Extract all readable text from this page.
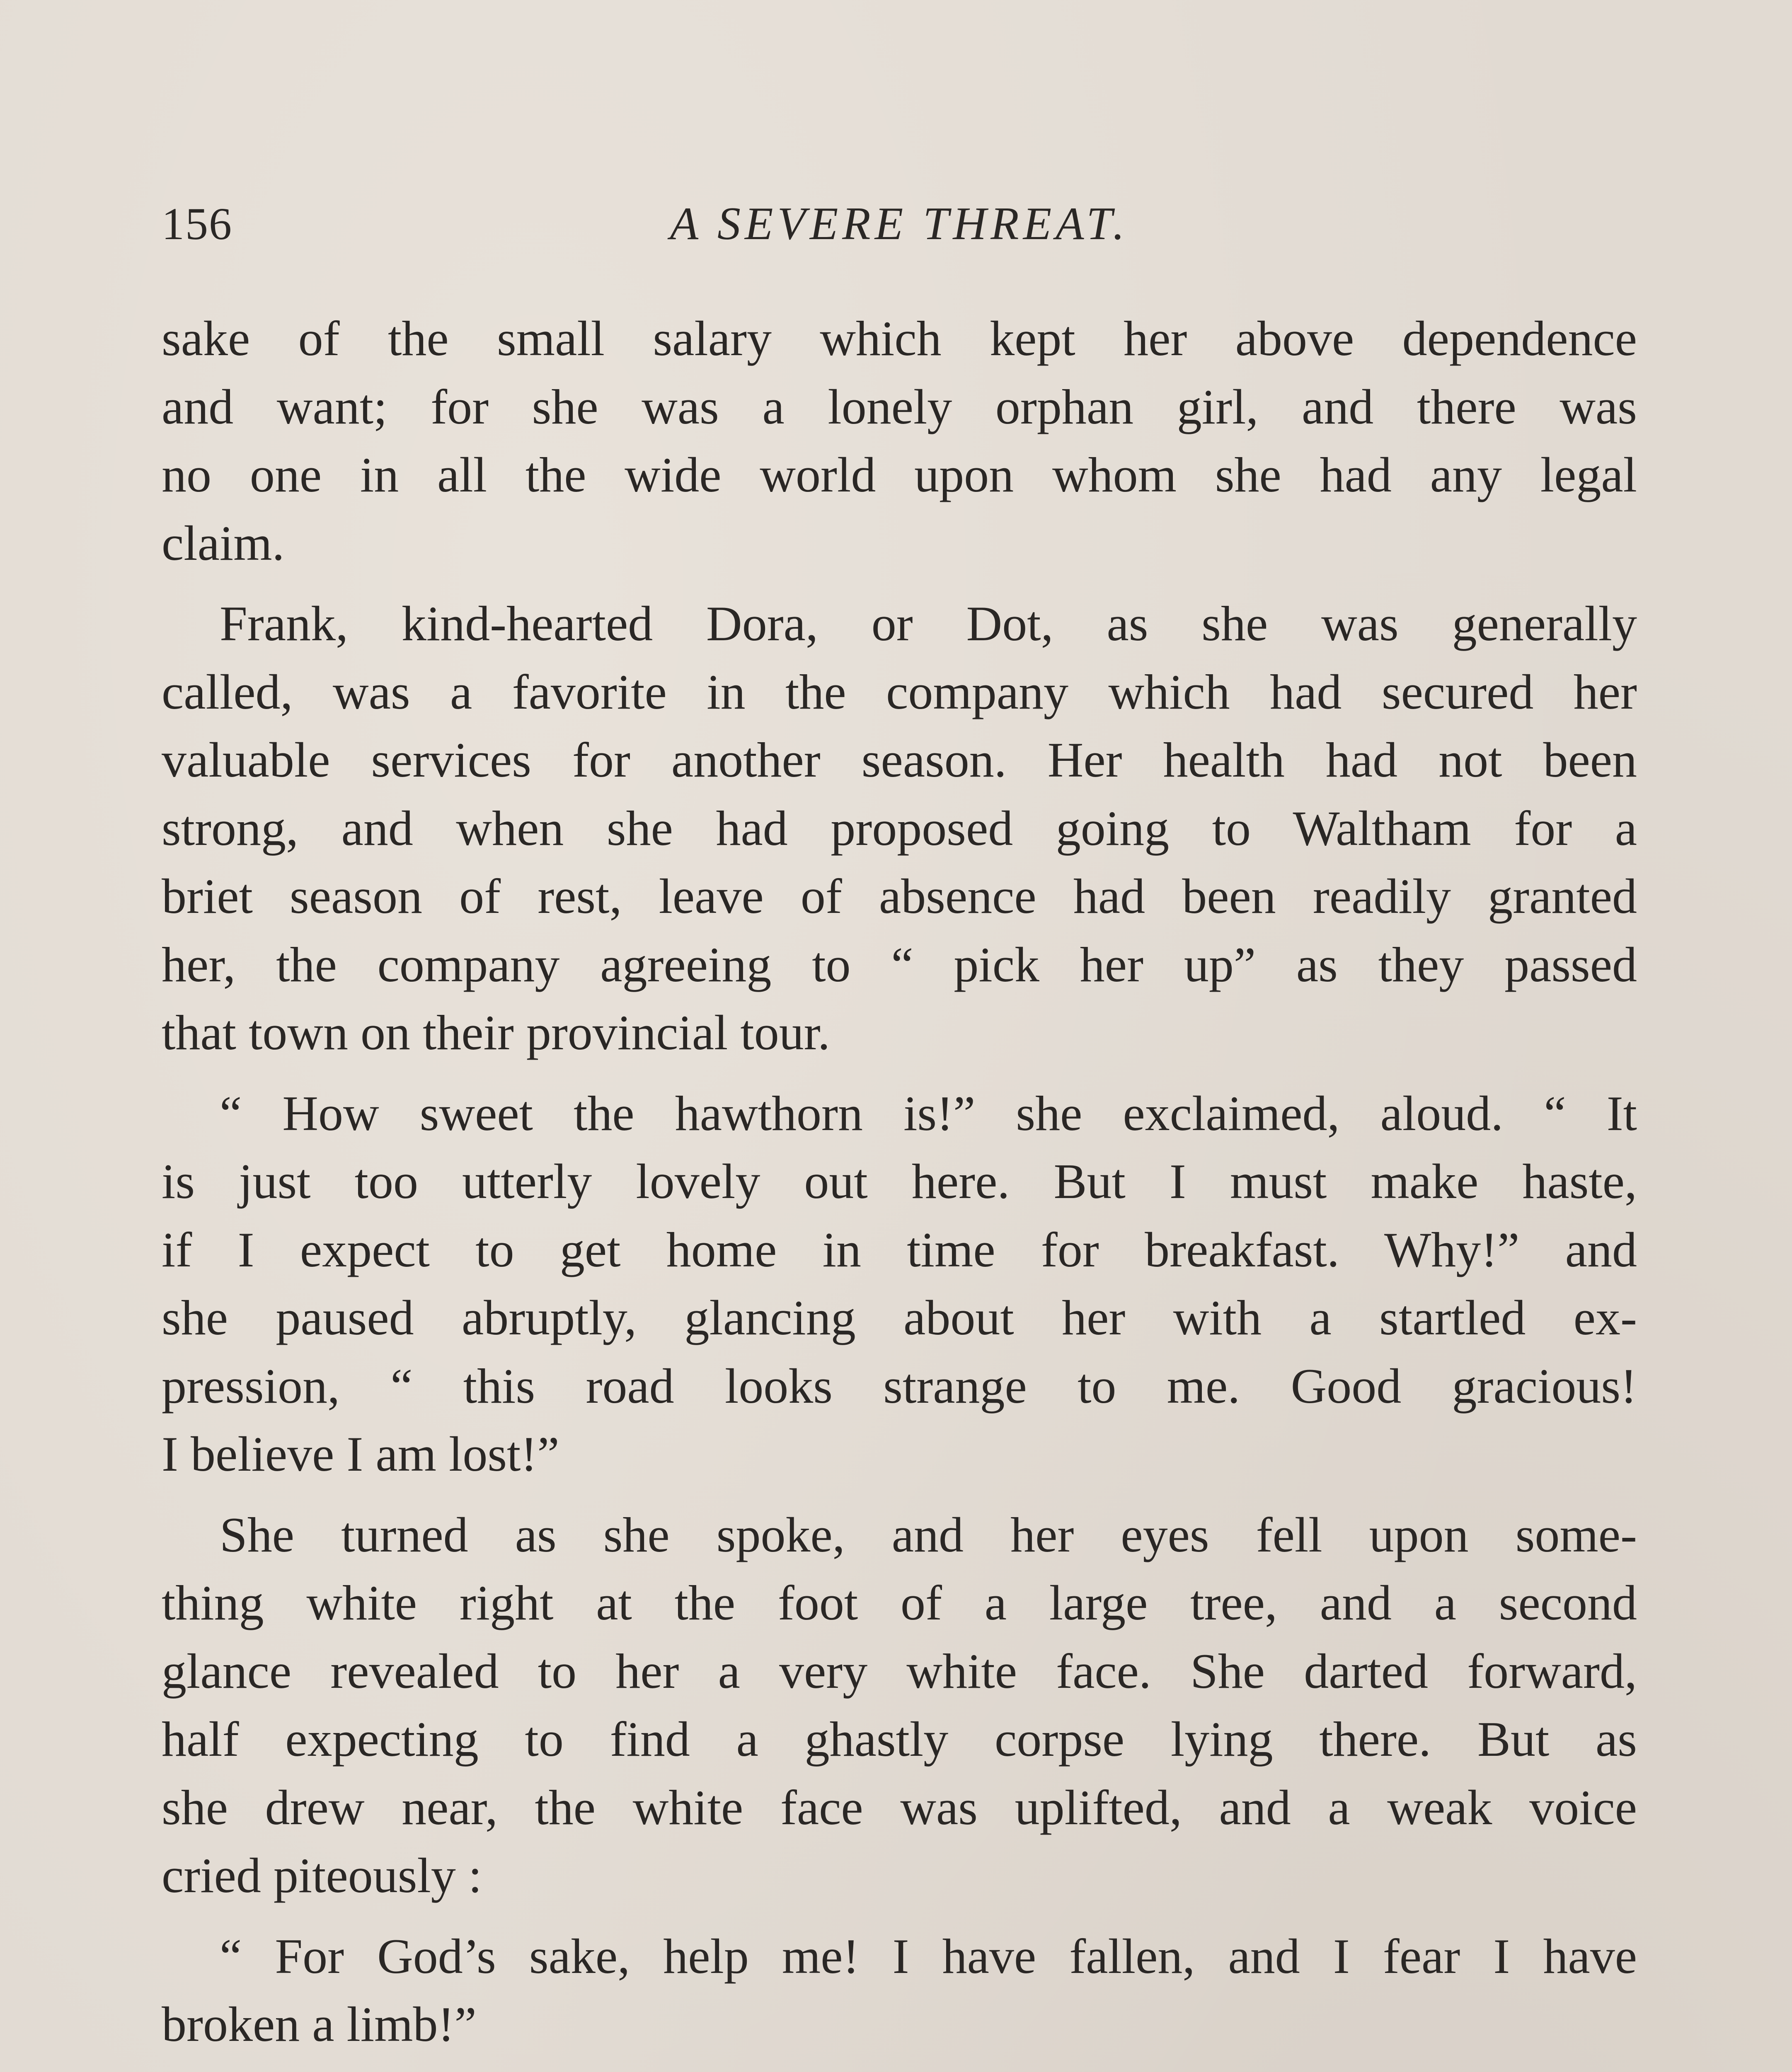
156	A SEVERE THREAT.

sake of the small salary which kept her above dependence
and want; for she was a lonely orphan girl, and there was
no one in all the wide world upon whom she had any legal
claim.

Frank, kind-hearted Dora, or Dot, as she was generally
called, was a favorite in the company which had secured her
valuable services for another season. Her health had not been
strong, and when she had proposed going to Waltham for a
briet season of rest, leave of absence had been readily granted
her, the company agreeing to “ pick her up” as they passed
that town on their provincial tour.

“ How sweet the hawthorn is!” she exclaimed, aloud. “ It
is just too utterly lovely out here. But I must make haste,
if I expect to get home in time for breakfast. Why!” and
she paused abruptly, glancing about her with a startled ex-
pression, “ this road looks strange to me. Good gracious!
I believe I am lost!”

She turned as she spoke, and her eyes fell upon some-
thing white right at the foot of a large tree, and a second
glance revealed to her a very white face. She darted forward,
half expecting to find a ghastly corpse lying there. But as
she drew near, the white face was uplifted, and a weak voice
cried piteously :

“ For God’s sake, help me! I have fallen, and I fear I have
broken a limb!”
